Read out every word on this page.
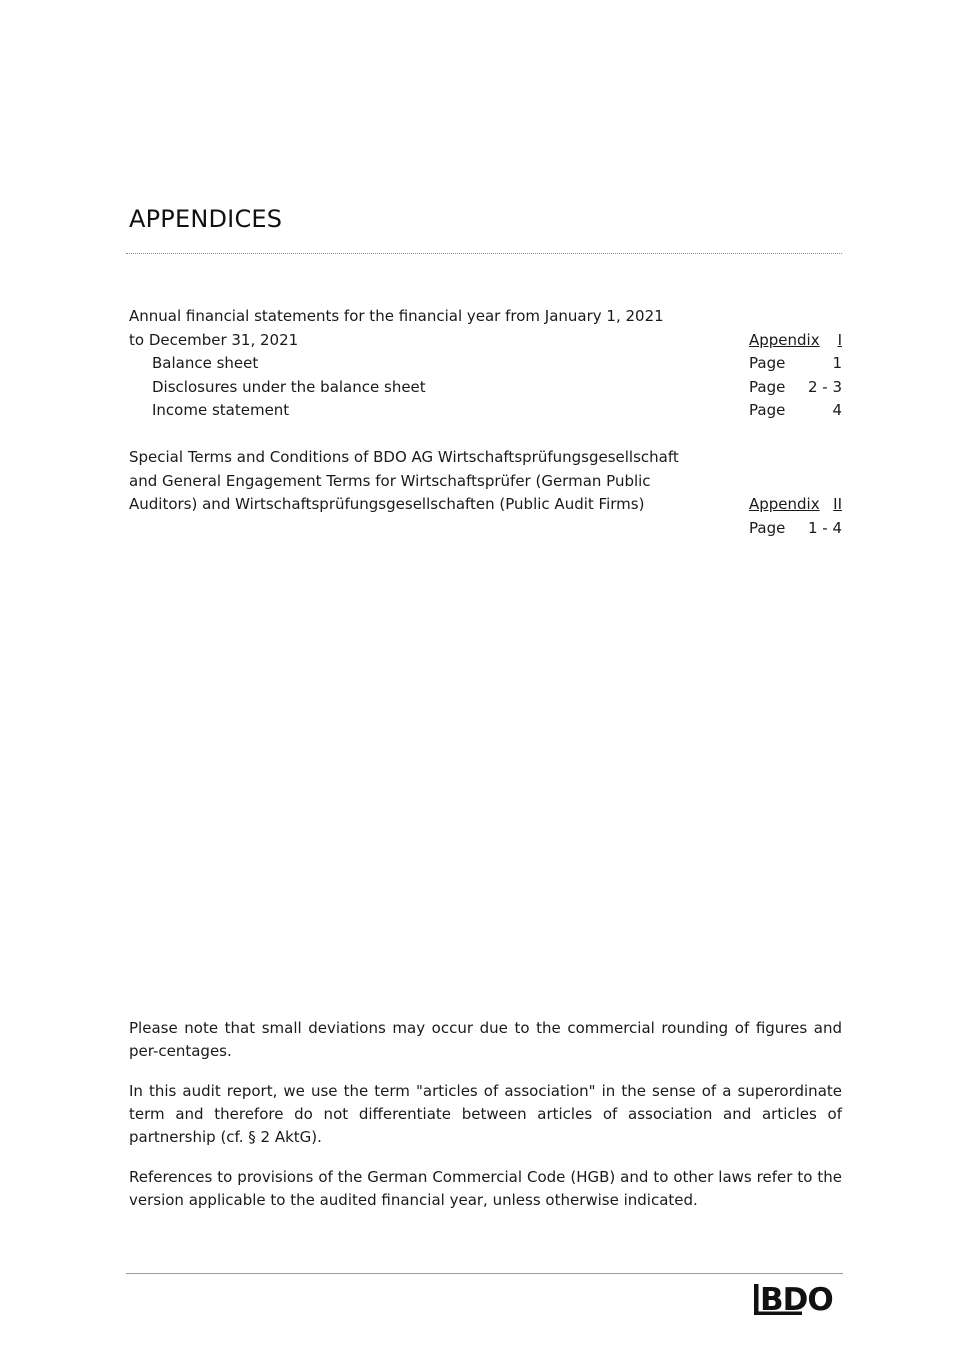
APPENDICES
Annual financial statements for the financial year from January 1, 2021
to December 31, 2021	Appendix I
Balance sheet	Page	1
Disclosures under the balance sheet	Page 2 - 3
Income statement	Page	4
Special Terms and Conditions of BDO AG Wirtschaftsprüfungsgesellschaft
and General Engagement Terms for Wirtschaftsprüfer (German Public
Auditors) and Wirtschaftsprüfungsgesellschaften (Public Audit Firms)	Appendix II
Page 1 - 4

Please note that small deviations may occur due to the commercial rounding of figures and per-centages.

In this audit report, we use the term "articles of association" in the sense of a superordinate term and therefore do not differentiate between articles of association and articles of partnership (cf. § 2 AktG).

References to provisions of the German Commercial Code (HGB) and to other laws refer to the version applicable to the audited financial year, unless otherwise indicated.

BDO
